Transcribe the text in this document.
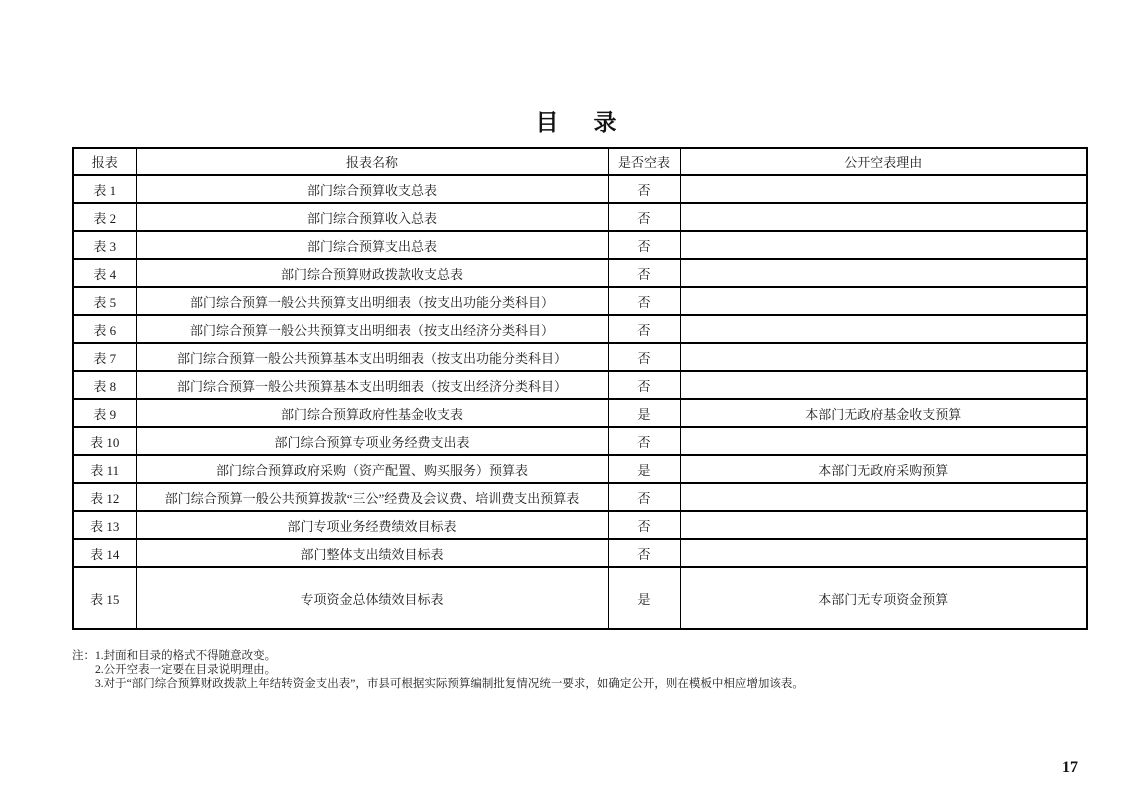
目　录
报表	报表名称	是否空表	公开空表理由
表 1	部门综合预算收支总表	否	
表 2	部门综合预算收入总表	否	
表 3	部门综合预算支出总表	否	
表 4	部门综合预算财政拨款收支总表	否	
表 5	部门综合预算一般公共预算支出明细表（按支出功能分类科目）	否	
表 6	部门综合预算一般公共预算支出明细表（按支出经济分类科目）	否	
表 7	部门综合预算一般公共预算基本支出明细表（按支出功能分类科目）	否	
表 8	部门综合预算一般公共预算基本支出明细表（按支出经济分类科目）	否	
表 9	部门综合预算政府性基金收支表	是	本部门无政府基金收支预算
表 10	部门综合预算专项业务经费支出表	否	
表 11	部门综合预算政府采购（资产配置、购买服务）预算表	是	本部门无政府采购预算
表 12	部门综合预算一般公共预算拨款“三公”经费及会议费、培训费支出预算表	否	
表 13	部门专项业务经费绩效目标表	否	
表 14	部门整体支出绩效目标表	否	
表 15	专项资金总体绩效目标表	是	本部门无专项资金预算
注： 1.封面和目录的格式不得随意改变。
2.公开空表一定要在目录说明理由。
3.对于“部门综合预算财政拨款上年结转资金支出表”，市县可根据实际预算编制批复情况统一要求，如确定公开，则在模板中相应增加该表。
17
